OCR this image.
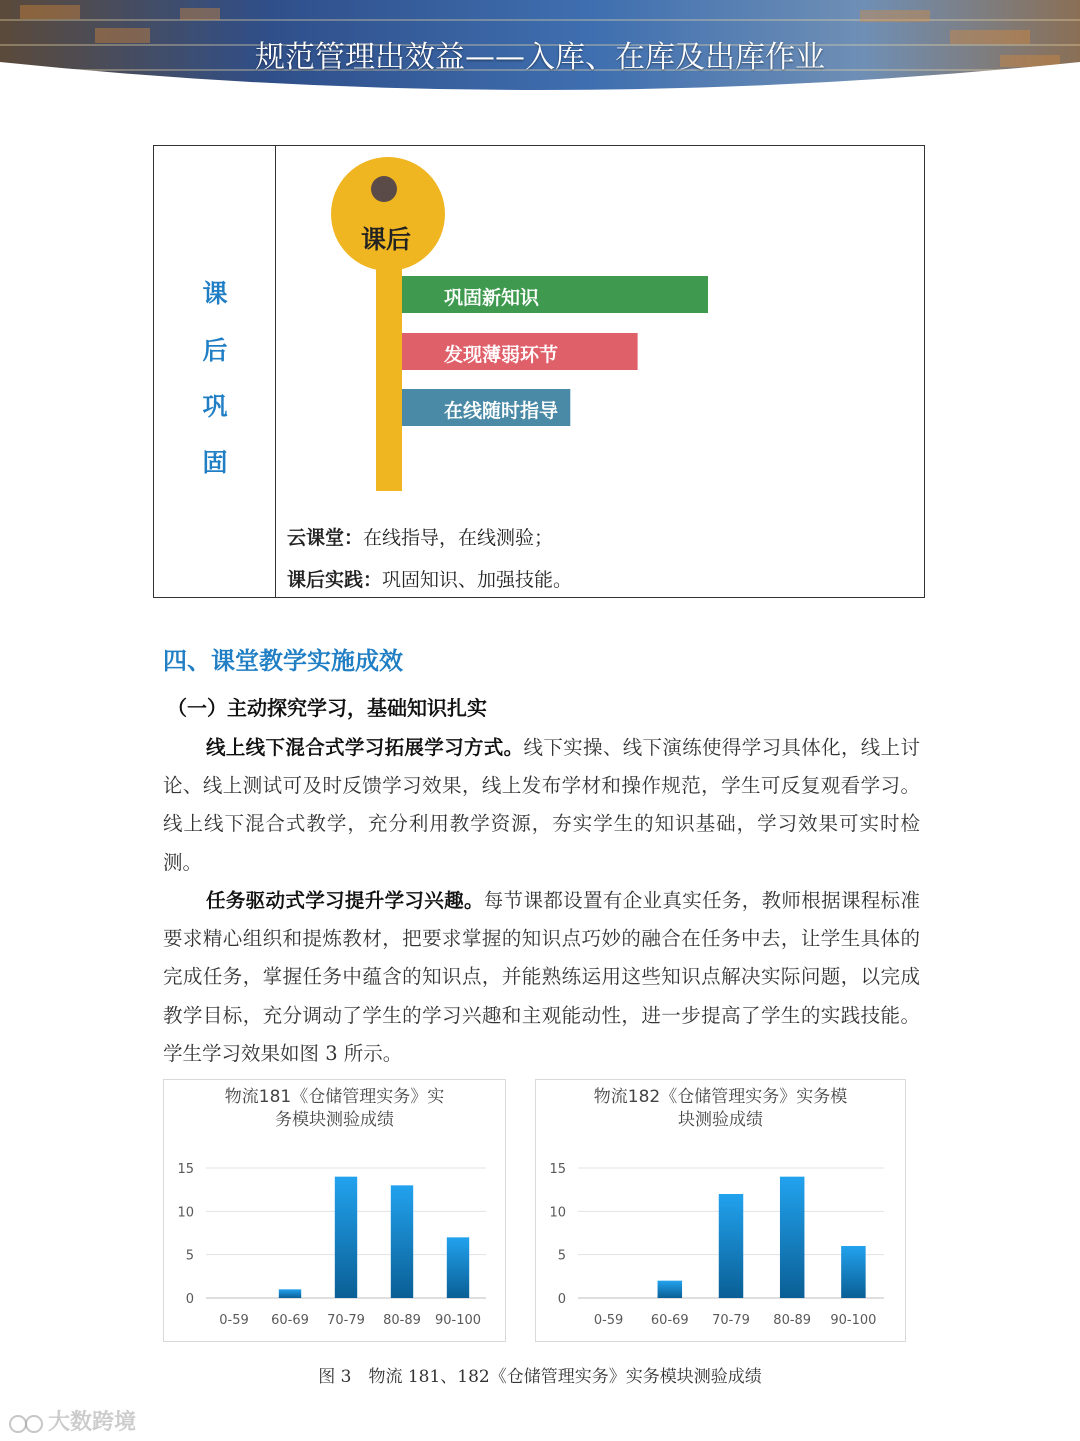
规范管理出效益——入库、在库及出库作业
课
后
巩
固
课后
巩固新知识
发现薄弱环节
在线随时指导
云课堂：在线指导，在线测验；
课后实践：巩固知识、加强技能。
四、课堂教学实施成效
（一）主动探究学习，基础知识扎实
线上线下混合式学习拓展学习方式。线下实操、线下演练使得学习具体化，线上讨论、线上测试可及时反馈学习效果，线上发布学材和操作规范，学生可反复观看学习。线上线下混合式教学，充分利用教学资源，夯实学生的知识基础，学习效果可实时检测。
任务驱动式学习提升学习兴趣。每节课都设置有企业真实任务，教师根据课程标准要求精心组织和提炼教材，把要求掌握的知识点巧妙的融合在任务中去，让学生具体的完成任务，掌握任务中蕴含的知识点，并能熟练运用这些知识点解决实际问题，以完成教学目标，充分调动了学生的学习兴趣和主观能动性，进一步提高了学生的实践技能。学生学习效果如图 3 所示。
物流181《仓储管理实务》实
务模块测验成绩
0
5
10
15
0-59 60-69 70-79 80-89 90-100
物流182《仓储管理实务》实务模
块测验成绩
0
5
10
15
0-59 60-69 70-79 80-89 90-100
图 3　物流 181、182《仓储管理实务》实务模块测验成绩
大数跨境
